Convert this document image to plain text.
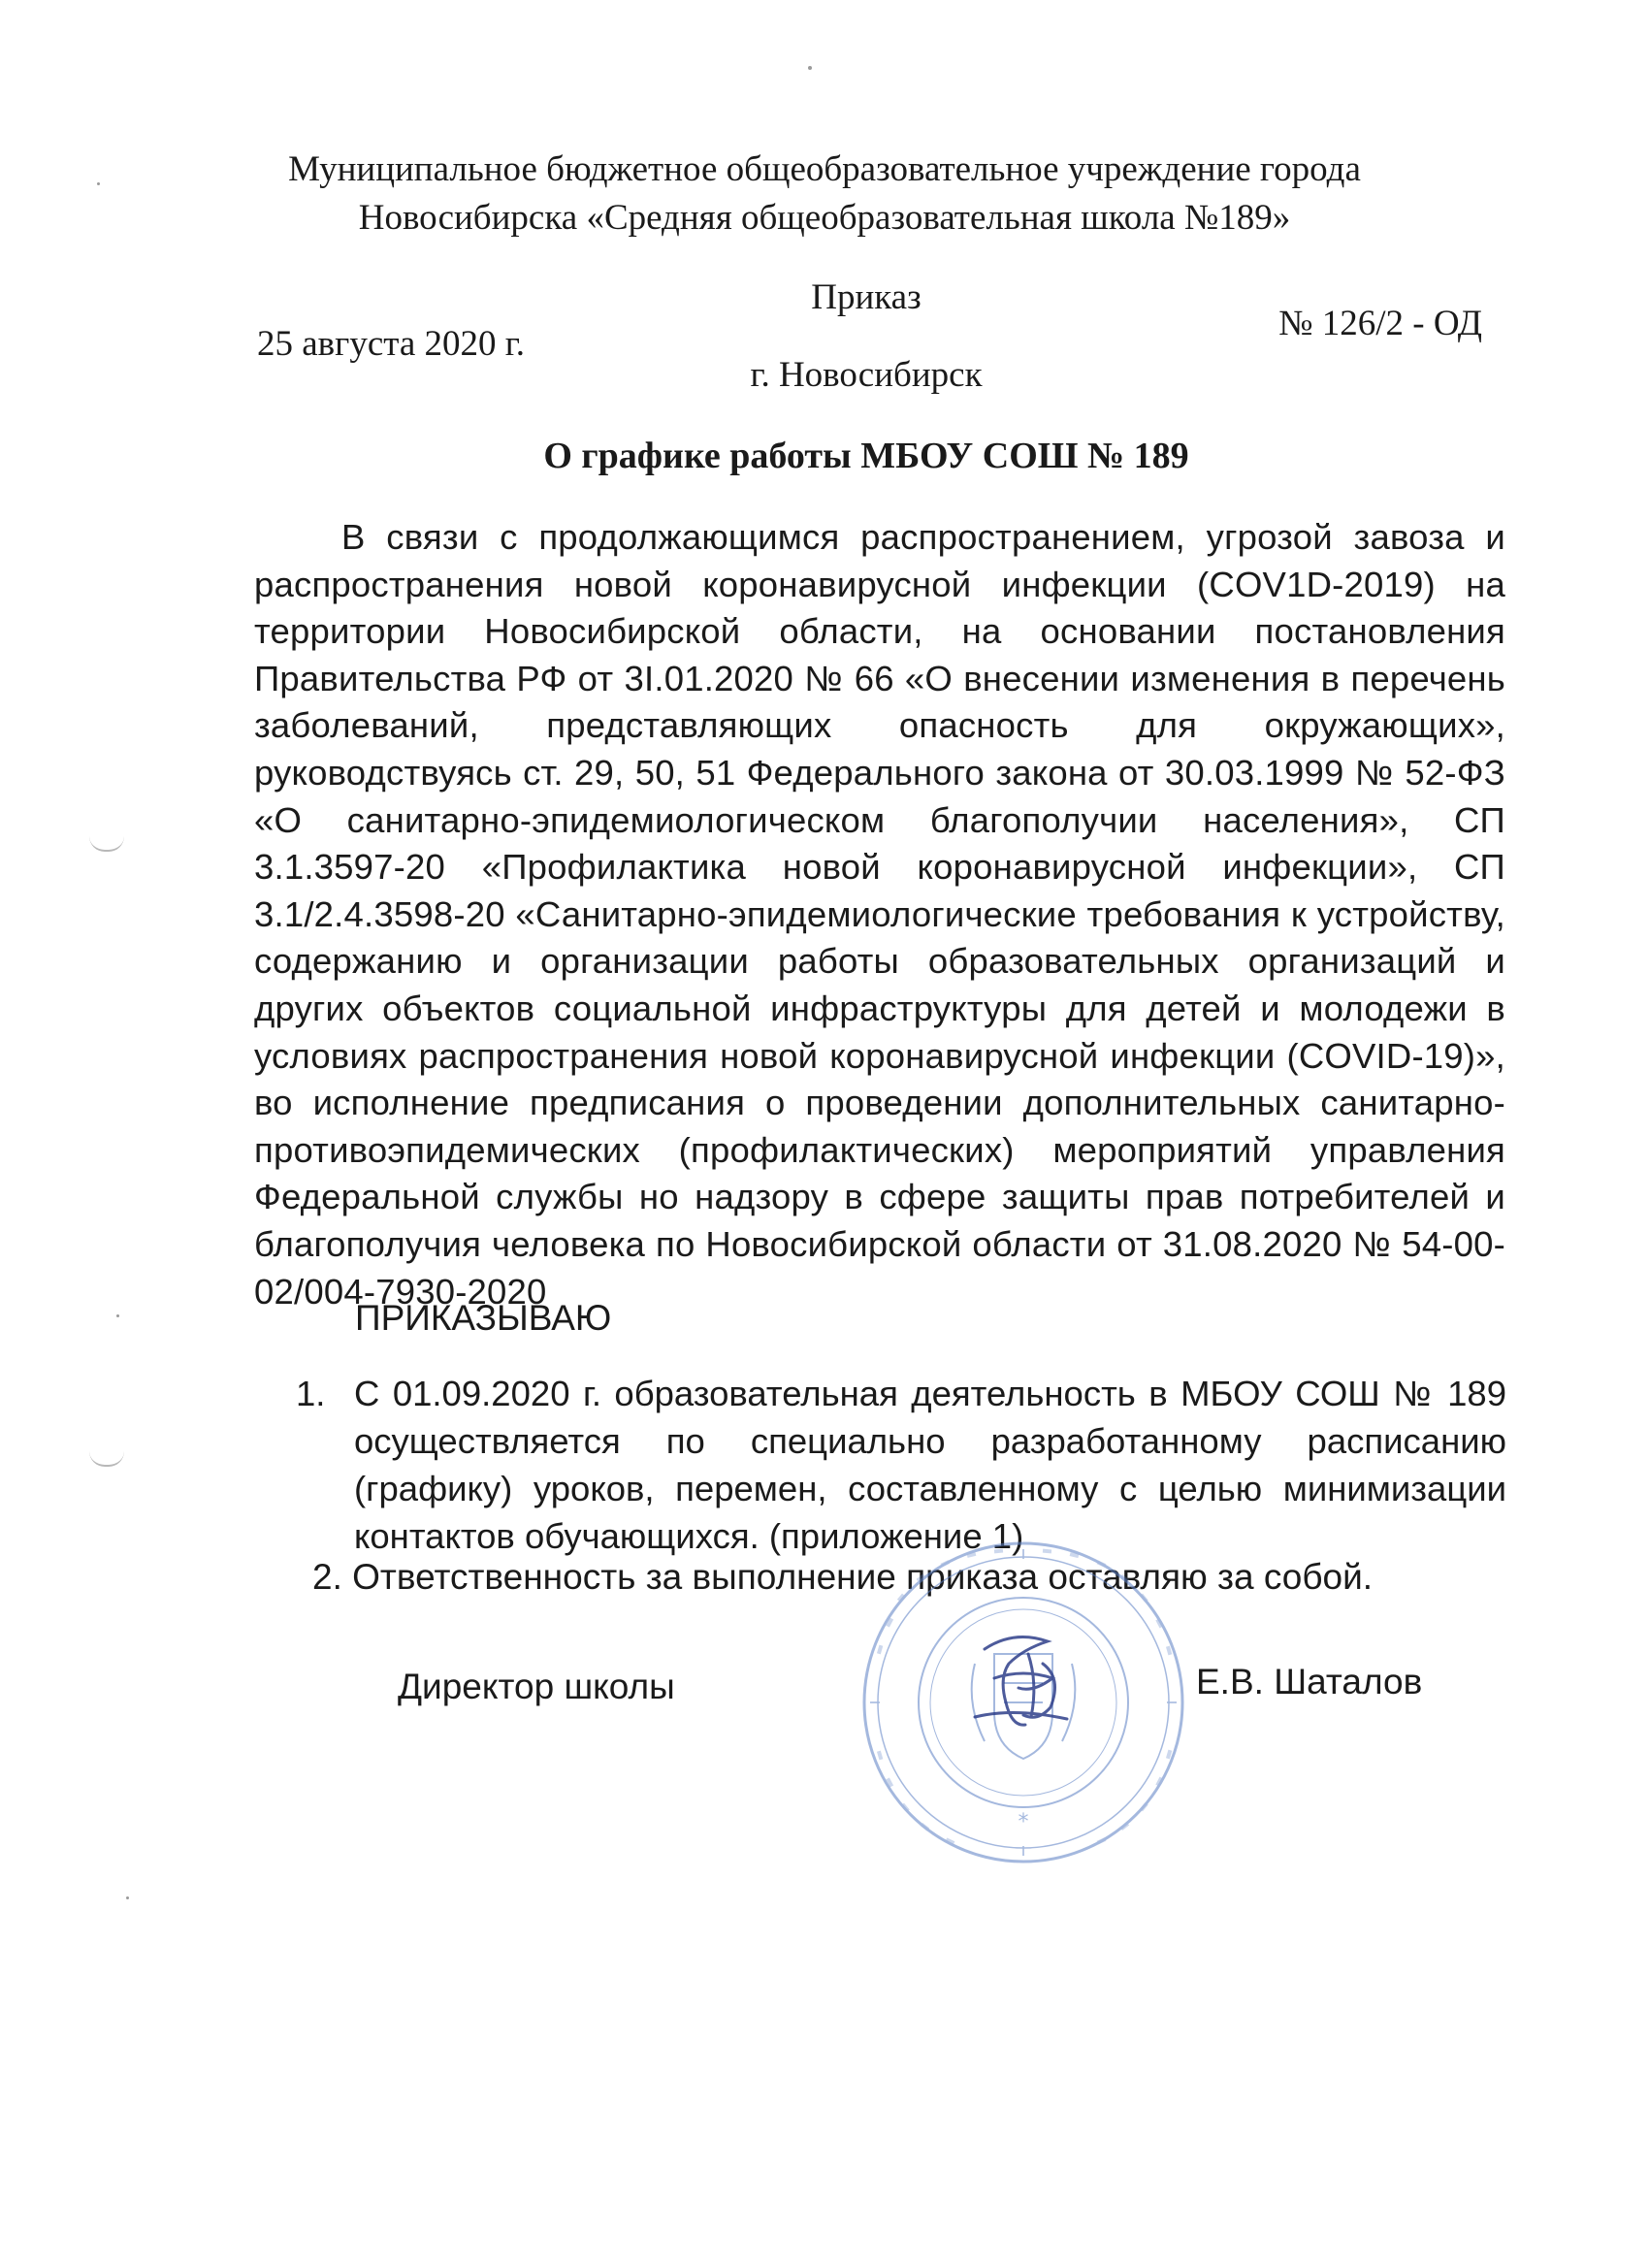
Муниципальное бюджетное общеобразовательное учреждение города
Новосибирска «Средняя общеобразовательная школа №189»
Приказ
25 августа 2020 г.
№ 126/2 - ОД
г. Новосибирск
О графике работы МБОУ СОШ № 189
В связи с продолжающимся распространением, угрозой завоза и распространения новой коронавирусной инфекции (COV1D-2019) на территории Новосибирской области, на основании постановления Правительства РФ от 3I.01.2020 № 66 «О внесении изменения в перечень заболеваний, представляющих опасность для окружающих», руководствуясь ст. 29, 50, 51 Федерального закона от 30.03.1999 № 52-ФЗ «О санитарно-эпидемиологическом благополучии населения», СП 3.1.3597-20 «Профилактика новой коронавирусной инфекции», СП 3.1/2.4.3598-20 «Санитарно-эпидемиологические требования к устройству, содержанию и организации работы образовательных организаций и других объектов социальной инфраструктуры для детей и молодежи в условиях распространения новой коронавирусной инфекции (COVID-19)», во исполнение предписания о проведении дополнительных санитарно-противоэпидемических (профилактических) мероприятий управления Федеральной службы но надзору в сфере защиты прав потребителей и благополучия человека по Новосибирской области от 31.08.2020 № 54-00-02/004-7930-2020
ПРИКАЗЫВАЮ
1. С 01.09.2020 г. образовательная деятельность в МБОУ СОШ № 189 осуществляется по специально разработанному расписанию (графику) уроков, перемен, составленному с целью минимизации контактов обучающихся. (приложение 1)
2. Ответственность за выполнение приказа оставляю за собой.
*
Директор школы	Е.В. Шаталов
